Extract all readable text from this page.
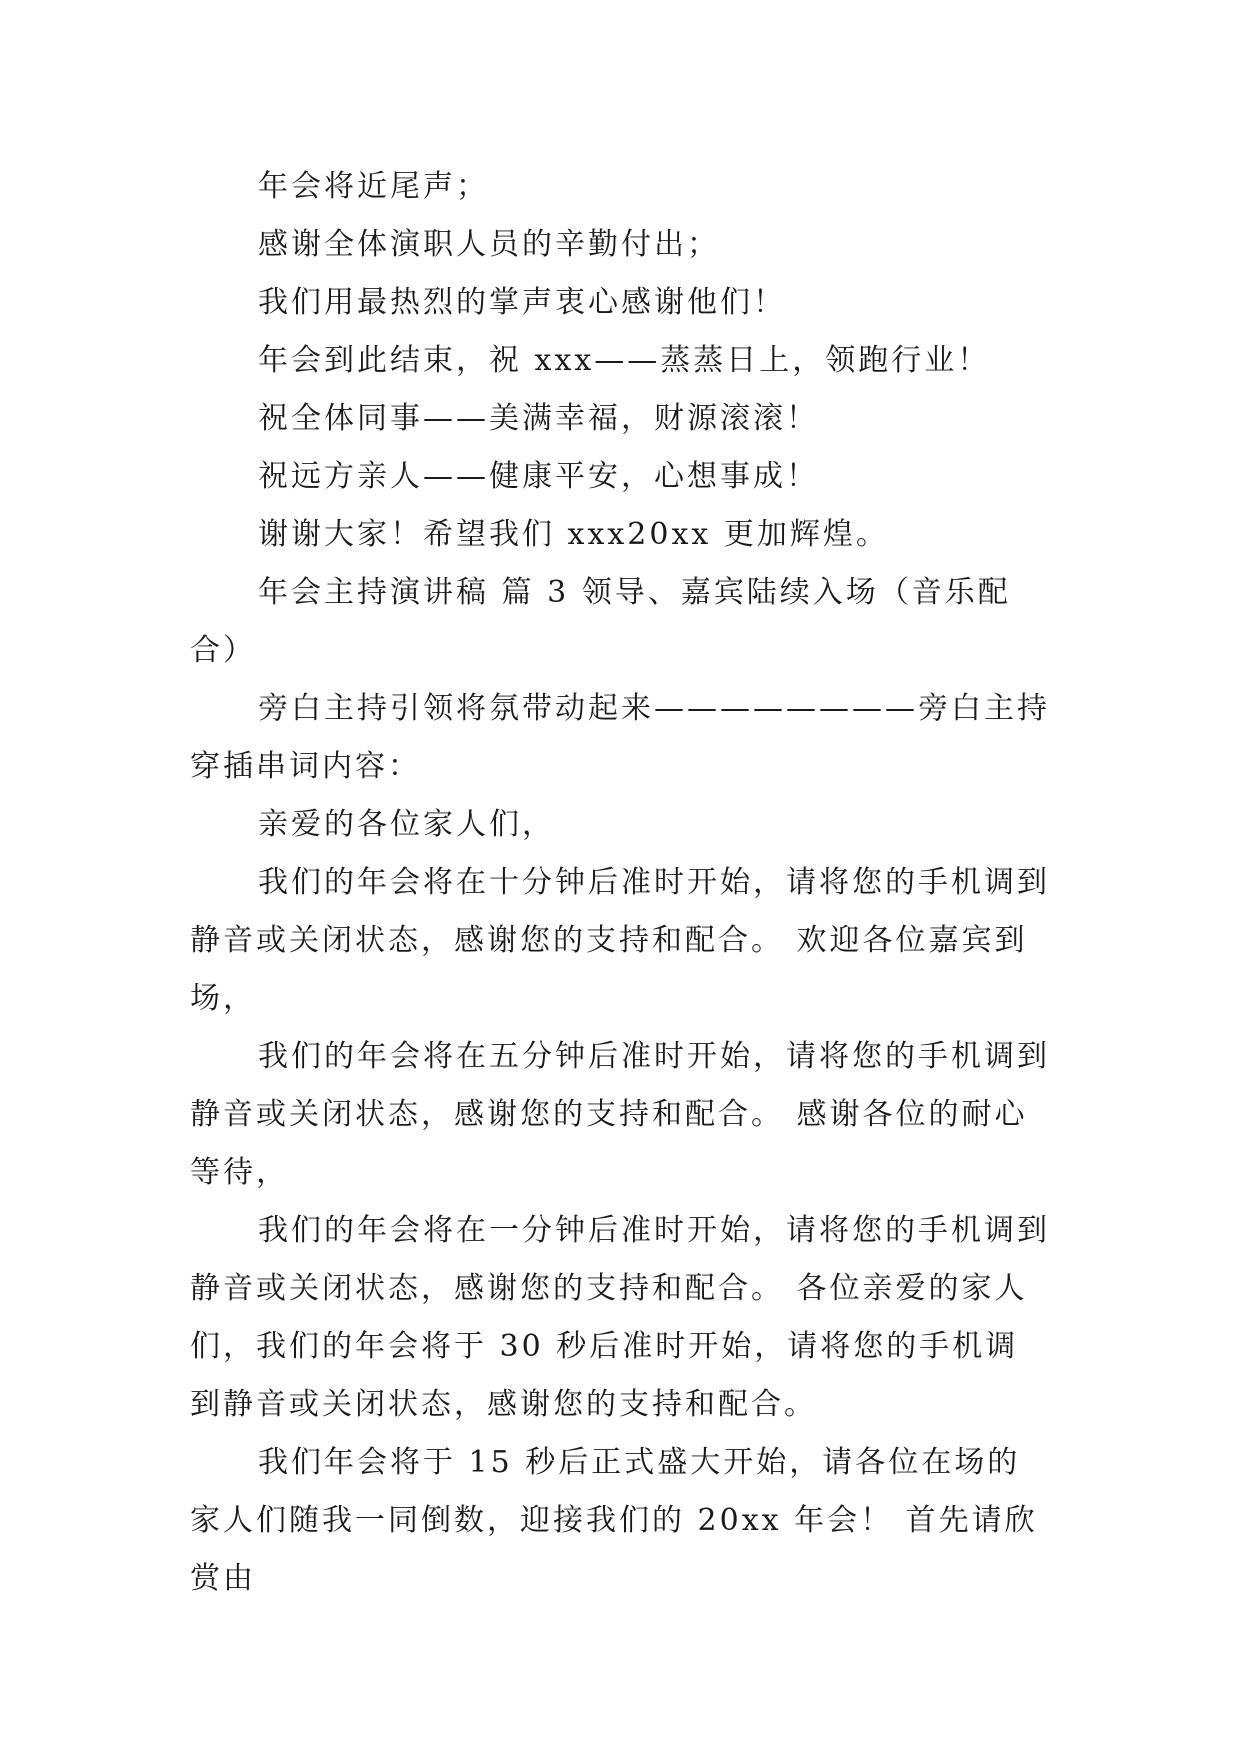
年会将近尾声；

感谢全体演职人员的辛勤付出；

我们用最热烈的掌声衷心感谢他们！

年会到此结束，祝 xxx——蒸蒸日上，领跑行业！

祝全体同事——美满幸福，财源滚滚！

祝远方亲人——健康平安，心想事成！

谢谢大家！希望我们 xxx20xx 更加辉煌。

年会主持演讲稿 篇 3 领导、嘉宾陆续入场（音乐配合）

旁白主持引领将氛带动起来————————旁白主持穿插串词内容：

亲爱的各位家人们，

我们的年会将在十分钟后准时开始，请将您的手机调到静音或关闭状态，感谢您的支持和配合。 欢迎各位嘉宾到场，

我们的年会将在五分钟后准时开始，请将您的手机调到静音或关闭状态，感谢您的支持和配合。 感谢各位的耐心等待，

我们的年会将在一分钟后准时开始，请将您的手机调到静音或关闭状态，感谢您的支持和配合。 各位亲爱的家人们，我们的年会将于 30 秒后准时开始，请将您的手机调到静音或关闭状态，感谢您的支持和配合。

我们年会将于 15 秒后正式盛大开始，请各位在场的家人们随我一同倒数，迎接我们的 20xx 年会！ 首先请欣赏由
